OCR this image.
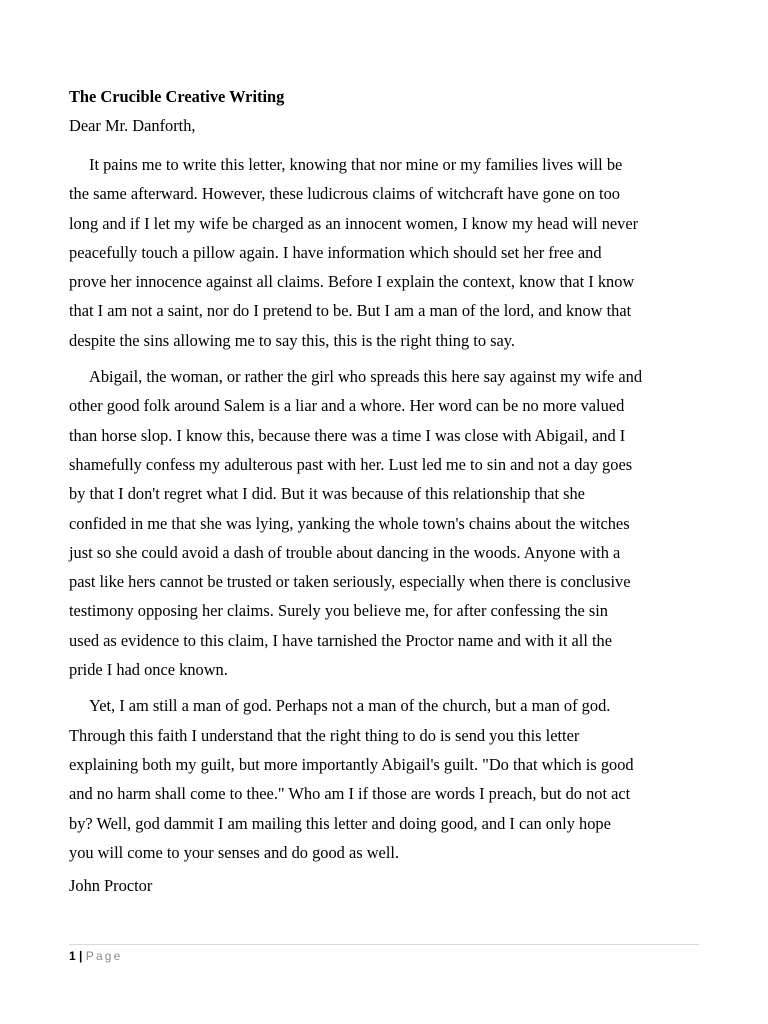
The Crucible Creative Writing
Dear Mr. Danforth,
It pains me to write this letter, knowing that nor mine or my families lives will be
the same afterward. However, these ludicrous claims of witchcraft have gone on too
long and if I let my wife be charged as an innocent women, I know my head will never
peacefully touch a pillow again. I have information which should set her free and
prove her innocence against all claims. Before I explain the context, know that I know
that I am not a saint, nor do I pretend to be. But I am a man of the lord, and know that
despite the sins allowing me to say this, this is the right thing to say.
Abigail, the woman, or rather the girl who spreads this here say against my wife and
other good folk around Salem is a liar and a whore. Her word can be no more valued
than horse slop. I know this, because there was a time I was close with Abigail, and I
shamefully confess my adulterous past with her. Lust led me to sin and not a day goes
by that I don't regret what I did. But it was because of this relationship that she
confided in me that she was lying, yanking the whole town's chains about the witches
just so she could avoid a dash of trouble about dancing in the woods. Anyone with a
past like hers cannot be trusted or taken seriously, especially when there is conclusive
testimony opposing her claims. Surely you believe me, for after confessing the sin
used as evidence to this claim, I have tarnished the Proctor name and with it all the
pride I had once known.
Yet, I am still a man of god. Perhaps not a man of the church, but a man of god.
Through this faith I understand that the right thing to do is send you this letter
explaining both my guilt, but more importantly Abigail's guilt. "Do that which is good
and no harm shall come to thee." Who am I if those are words I preach, but do not act
by? Well, god dammit I am mailing this letter and doing good, and I can only hope
you will come to your senses and do good as well.
John Proctor
1 | Page
